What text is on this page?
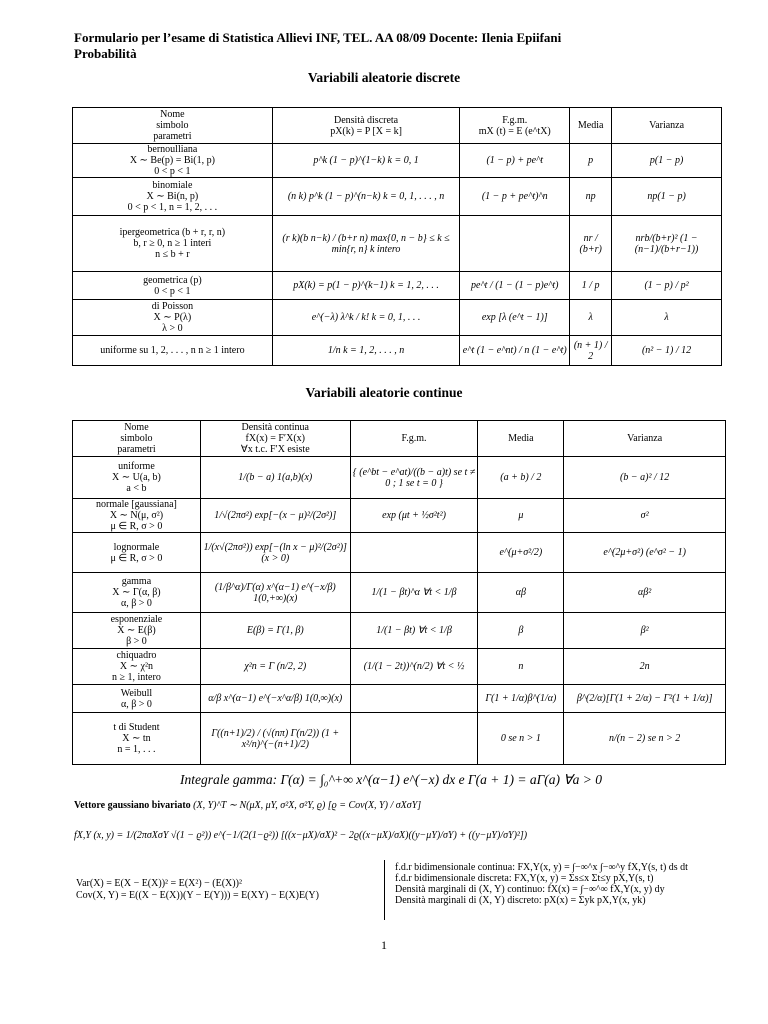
Formulario per l’esame di Statistica Allievi INF, TEL. AA 08/09 Docente: Ilenia Epiifani
Probabilità
Variabili aleatorie discrete
Nome
simbolo
parametri	Densità discreta
pX(k) = P [X = k]	F.g.m.
mX (t) = E (e^tX)	Media	Varianza

bernoulliana
X ∼ Be(p) = Bi(1, p)
0 < p < 1	p^k (1 − p)^(1−k) k = 0, 1	(1 − p) + pe^t	p	p(1 − p)

binomiale
X ∼ Bi(n, p)
0 < p < 1, n = 1, 2, . . .	(n k) p^k (1 − p)^(n−k) k = 0, 1, . . . , n	(1 − p + pe^t)^n	np	np(1 − p)

ipergeometrica (b + r, r, n)
b, r ≥ 0, n ≥ 1 interi
n ≤ b + r	(r k)(b n−k) / (b+r n) max{0, n − b} ≤ k ≤ min{r, n} k intero		nr / (b+r)	nrb/(b+r)² (1 − (n−1)/(b+r−1))

geometrica (p)
0 < p < 1	pX(k) = p(1 − p)^(k−1) k = 1, 2, . . .	pe^t / (1 − (1 − p)e^t)	1 / p	(1 − p) / p²

di Poisson
X ∼ P(λ)
λ > 0	e^(−λ) λ^k / k! k = 0, 1, . . .	exp [λ (e^t − 1)]	λ	λ

uniforme su 1, 2, . . . , n n ≥ 1 intero	1/n k = 1, 2, . . . , n	e^t (1 − e^nt) / n (1 − e^t)	(n + 1) / 2	(n² − 1) / 12
Variabili aleatorie continue
Nome
simbolo
parametri	Densità continua
fX(x) = F′X(x)
∀x t.c. F′X esiste	F.g.m.	Media	Varianza

uniforme
X ∼ U(a, b)
a < b	1/(b − a) 1(a,b)(x)	{ (e^bt − e^at)/((b − a)t) se t ≠ 0 ; 1 se t = 0 }	(a + b) / 2	(b − a)² / 12

normale [gaussiana]
X ∼ N(μ, σ²)
μ ∈ R, σ > 0	1/√(2πσ²) exp[−(x − μ)²/(2σ²)]	exp (μt + ½σ²t²)	μ	σ²

lognormale
μ ∈ R, σ > 0	1/(x√(2πσ²)) exp[−(ln x − μ)²/(2σ²)] (x > 0)		e^(μ+σ²/2)	e^(2μ+σ²) (e^σ² − 1)

gamma
X ∼ Γ(α, β)
α, β > 0	(1/β^α)/Γ(α) x^(α−1) e^(−x/β) 1(0,+∞)(x)	1/(1 − βt)^α ∀t < 1/β	αβ	αβ²

esponenziale
X ∼ E(β)
β > 0	E(β) = Γ(1, β)	1/(1 − βt) ∀t < 1/β	β	β²

chiquadro
X ∼ χ²n
n ≥ 1, intero	χ²n = Γ (n/2, 2)	(1/(1 − 2t))^(n/2) ∀t < ½	n	2n

Weibull
α, β > 0	α/β x^(α−1) e^(−x^α/β) 1(0,∞)(x)		Γ(1 + 1/α)β^(1/α)	β^(2/α)[Γ(1 + 2/α) − Γ²(1 + 1/α)]

t di Student
X ∼ tn
n = 1, . . .	Γ((n+1)/2) / (√(nπ) Γ(n/2)) (1 + x²/n)^(−(n+1)/2)		0 se n > 1	n/(n − 2) se n > 2
Integrale gamma: Γ(α) = ∫₀^+∞ x^(α−1) e^(−x) dx e Γ(a + 1) = aΓ(a) ∀a > 0
Vettore gaussiano bivariato (X, Y)^T ∼ N(μX, μY, σ²X, σ²Y, ϱ) [ϱ = Cov(X, Y) / σXσY]
fX,Y (x, y) = 1/(2πσXσY √(1 − ϱ²)) e^(−1/(2(1−ϱ²)) [((x−μX)/σX)² − 2ϱ((x−μX)/σX)((y−μY)/σY) + ((y−μY)/σY)²])
Var(X) = E(X − E(X))² = E(X²) − (E(X))²
Cov(X, Y) = E((X − E(X))(Y − E(Y))) = E(XY) − E(X)E(Y)
f.d.r bidimensionale continua: FX,Y(x, y) = ∫−∞^x ∫−∞^y fX,Y(s, t) ds dt
f.d.r bidimensionale discreta: FX,Y(x, y) = Σs≤x Σt≤y pX,Y(s, t)
Densità marginali di (X, Y) continuo: fX(x) = ∫−∞^∞ fX,Y(x, y) dy
Densità marginali di (X, Y) discreto: pX(x) = Σyk pX,Y(x, yk)
1
